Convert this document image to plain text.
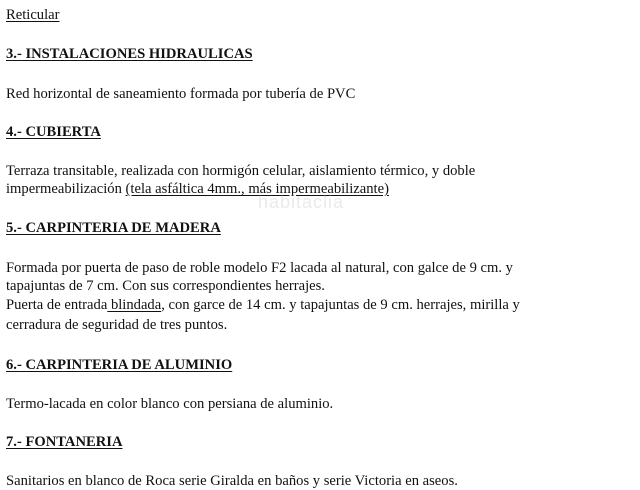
Reticular

3.- INSTALACIONES HIDRAULICAS

Red horizontal de saneamiento formada por tubería de PVC

4.- CUBIERTA

Terraza transitable, realizada con hormigón celular, aislamiento térmico, y doble

impermeabilización (tela asfáltica 4mm., más impermeabilizante)

habitaclia

5.- CARPINTERIA DE MADERA

Formada por puerta de paso de roble modelo F2 lacada al natural, con galce de 9 cm. y

tapajuntas de 7 cm. Con sus correspondientes herrajes.

Puerta de entrada blindada, con garce de 14 cm. y tapajuntas de 9 cm. herrajes, mirilla y

cerradura de seguridad de tres puntos.

6.- CARPINTERIA DE ALUMINIO

Termo-lacada en color blanco con persiana de aluminio.

7.- FONTANERIA

Sanitarios en blanco de Roca serie Giralda en baños y serie Victoria en aseos.
